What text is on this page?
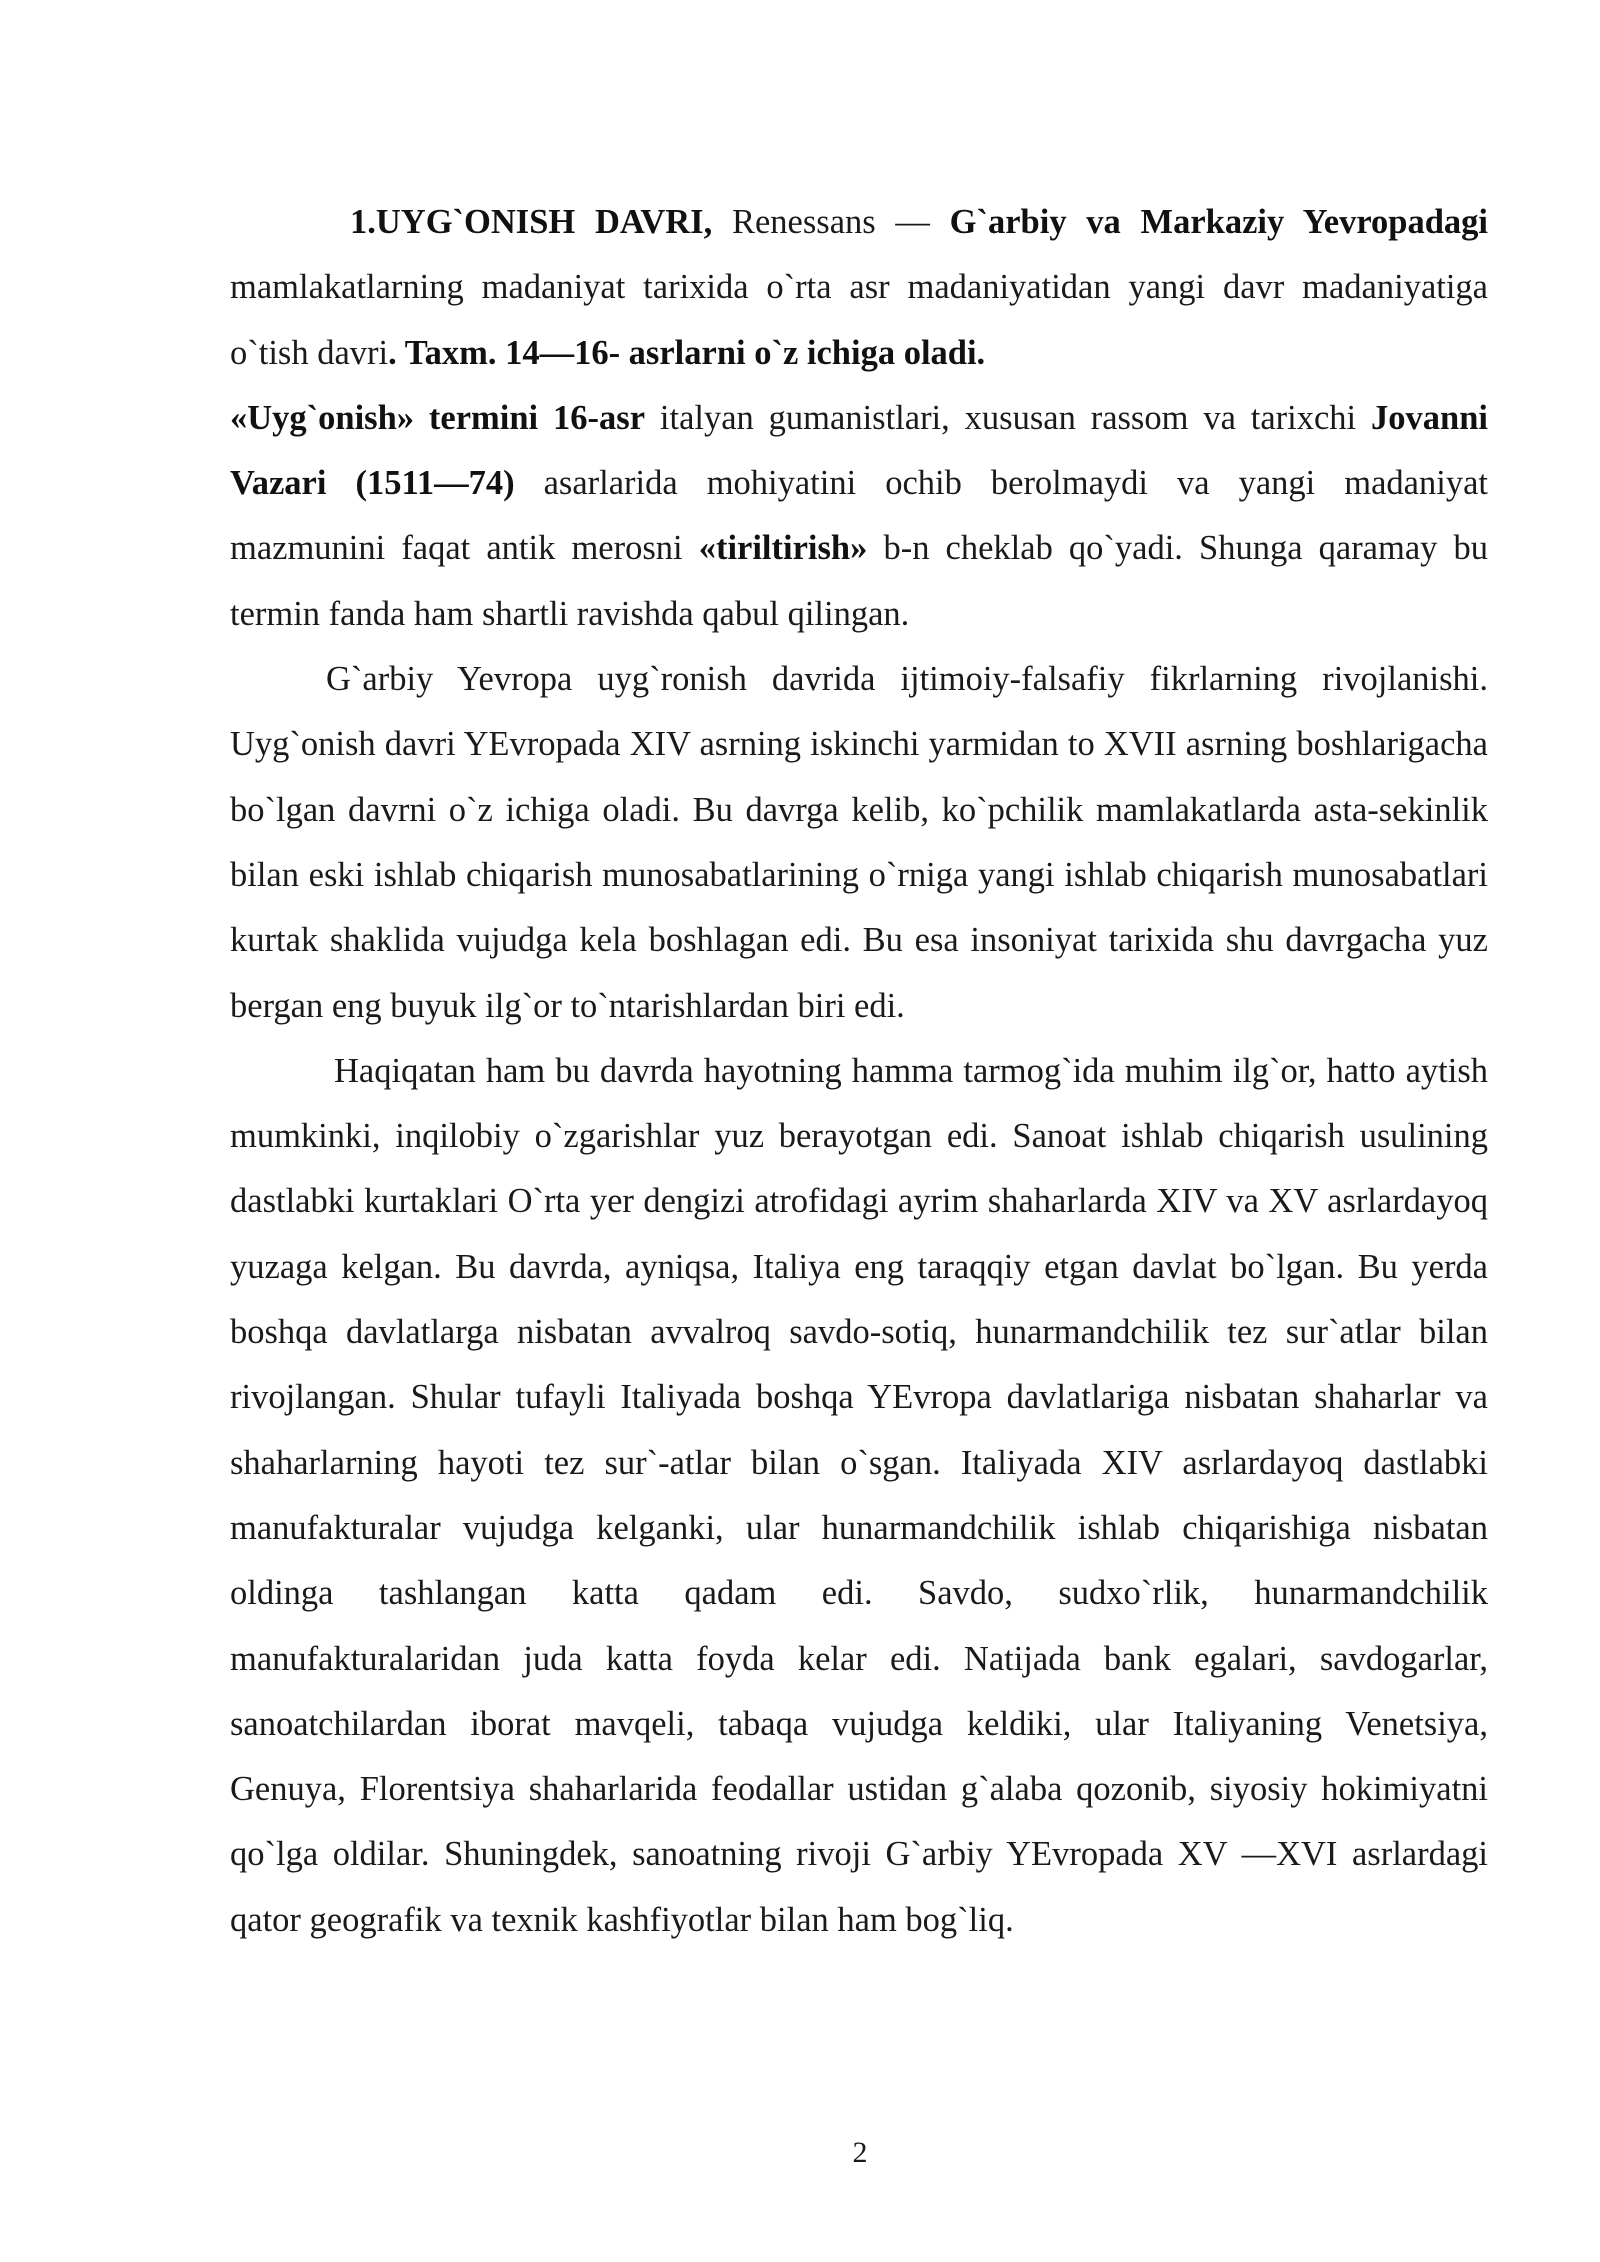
1.UYG`ONISH DAVRI, Renessans — G`arbiy va Markaziy Yevropadagi mamlakatlarning madaniyat tarixida o`rta asr madaniyatidan yangi davr madaniyatiga o`tish davri. Taxm. 14—16- asrlarni o`z ichiga oladi.

«Uyg`onish» termini 16-asr italyan gumanistlari, xususan rassom va tarixchi Jovanni Vazari (1511—74) asarlarida mohiyatini ochib berolmaydi va yangi madaniyat mazmunini faqat antik merosni «tiriltirish» b-n cheklab qo`yadi. Shunga qaramay bu termin fanda ham shartli ravishda qabul qilingan.

G`arbiy Yevropa uyg`ronish davrida ijtimoiy-falsafiy fikrlarning rivojlanishi. Uyg`onish davri YEvropada XIV asrning iskinchi yarmidan to XVII asrning boshlarigacha bo`lgan davrni o`z ichiga oladi. Bu davrga kelib, ko`pchilik mamlakatlarda asta-sekinlik bilan eski ishlab chiqarish munosabatlarining o`rniga yangi ishlab chiqarish munosabatlari kurtak shaklida vujudga kela boshlagan edi. Bu esa insoniyat tarixida shu davrgacha yuz bergan eng buyuk ilg`or to`ntarishlardan biri edi.

Haqiqatan ham bu davrda hayotning hamma tarmog`ida muhim ilg`or, hatto aytish mumkinki, inqilobiy o`zgarishlar yuz berayotgan edi. Sanoat ishlab chiqarish usulining dastlabki kurtaklari O`rta yer dengizi atrofidagi ayrim shaharlarda XIV va XV asrlardayoq yuzaga kelgan. Bu davrda, ayniqsa, Italiya eng taraqqiy etgan davlat bo`lgan. Bu yerda boshqa davlatlarga nisbatan avvalroq savdo-sotiq, hunarmandchilik tez sur`atlar bilan rivojlangan. Shular tufayli Italiyada boshqa YEvropa davlatlariga nisbatan shaharlar va shaharlarning hayoti tez sur`-atlar bilan o`sgan. Italiyada XIV asrlardayoq dastlabki manufakturalar vujudga kelganki, ular hunarmandchilik ishlab chiqarishiga nisbatan oldinga tashlangan katta qadam edi. Savdo, sudxo`rlik, hunarmandchilik manufakturalaridan juda katta foyda kelar edi. Natijada bank egalari, savdogarlar, sanoatchilardan iborat mavqeli, tabaqa vujudga keldiki, ular Italiyaning Venetsiya, Genuya, Florentsiya shaharlarida feodallar ustidan g`alaba qozonib, siyosiy hokimiyatni qo`lga oldilar. Shuningdek, sanoatning rivoji G`arbiy YEvropada XV —XVI asrlardagi qator geografik va texnik kashfiyotlar bilan ham bog`liq.

2
